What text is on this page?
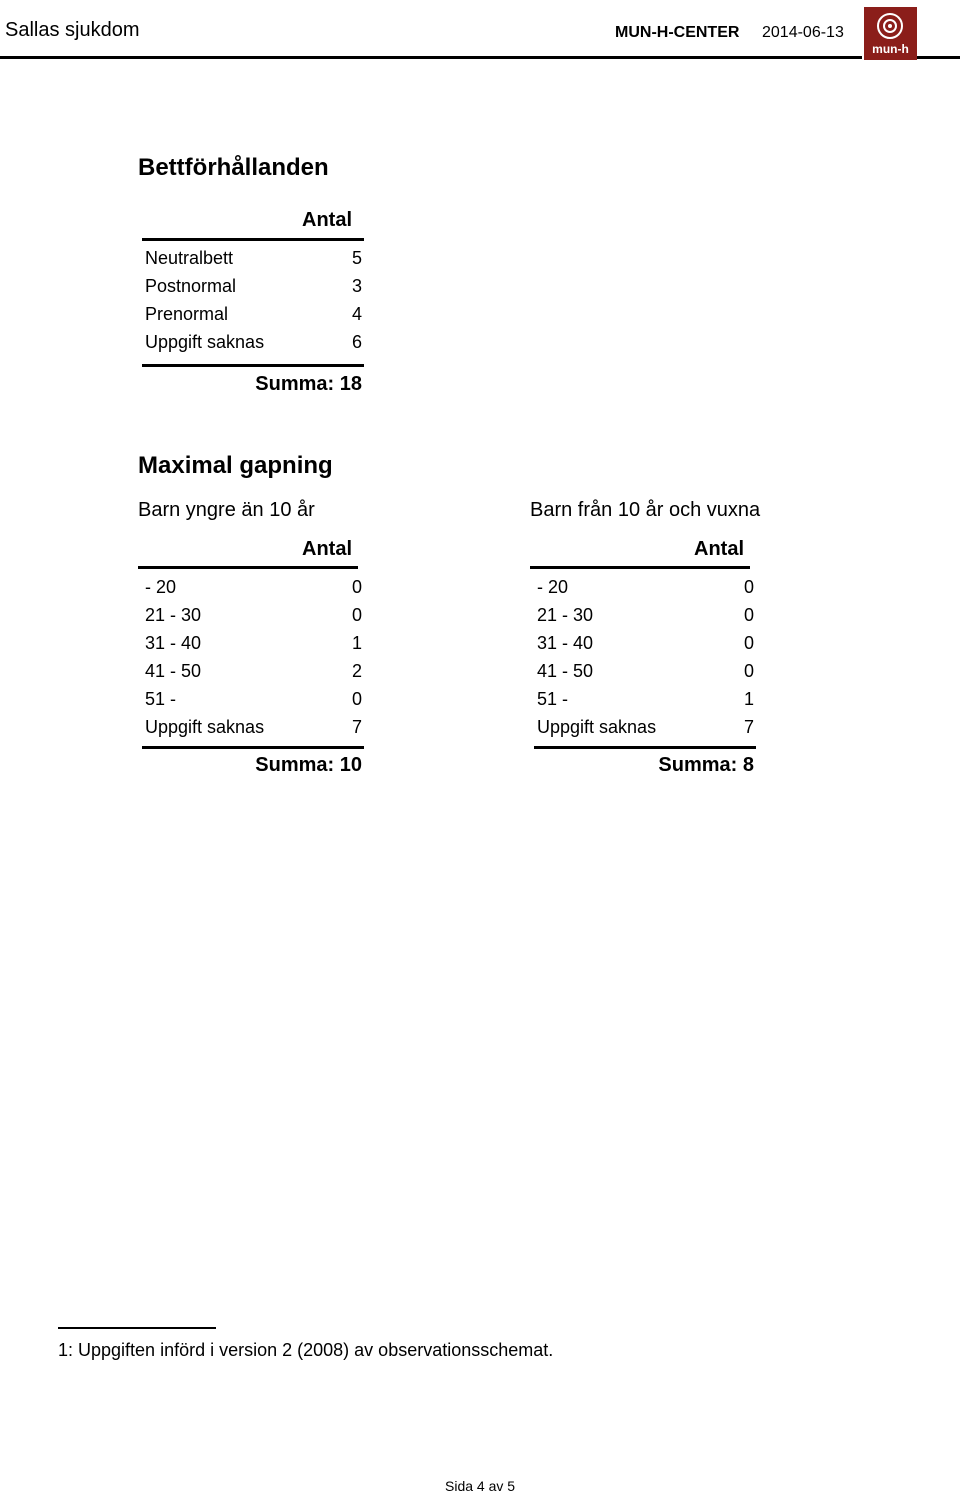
Sallas sjukdom	MUN-H-CENTER 2014-06-13
mun-h
Bettförhållanden
Antal
Neutralbett	5
Postnormal	3
Prenormal	4
Uppgift saknas	6
Summa: 18
Maximal gapning
Barn yngre än 10 år
Antal
- 20	0
21 - 30	0
31 - 40	1
41 - 50	2
51 -	0
Uppgift saknas	7
Summa: 10
Barn från 10 år och vuxna
Antal
- 20	0
21 - 30	0
31 - 40	0
41 - 50	0
51 -	1
Uppgift saknas	7
Summa: 8
1: Uppgiften införd i version 2 (2008) av observationsschemat.
Sida 4 av 5
